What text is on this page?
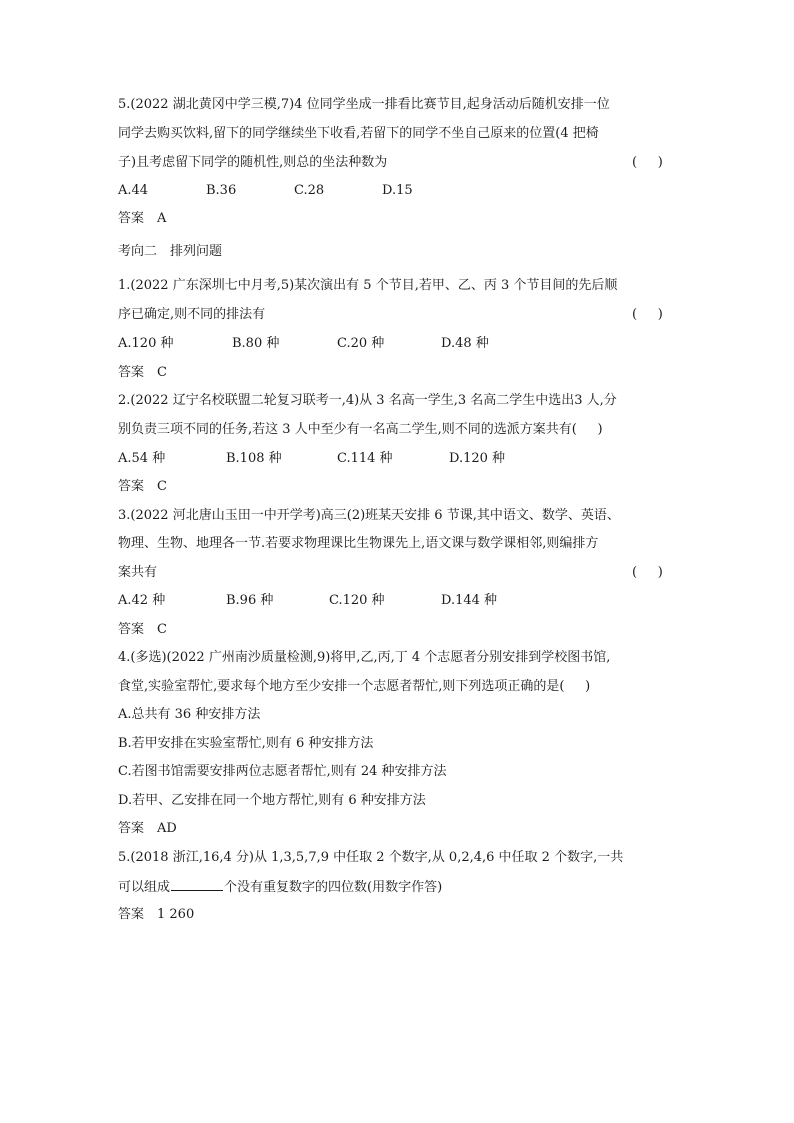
5.(2022 湖北黄冈中学三模,7)4 位同学坐成一排看比赛节目,起身活动后随机安排一位
同学去购买饮料,留下的同学继续坐下收看,若留下的同学不坐自己原来的位置(4 把椅
子)且考虑留下同学的随机性,则总的坐法种数为	(     )
A.44	B.36	C.28	D.15
答案　A
考向二　排列问题
1.(2022 广东深圳七中月考,5)某次演出有 5 个节目,若甲、乙、丙 3 个节目间的先后顺
序已确定,则不同的排法有	(     )
A.120 种	B.80 种	C.20 种	D.48 种
答案　C
2.(2022 辽宁名校联盟二轮复习联考一,4)从 3 名高一学生,3 名高二学生中选出3 人,分
别负责三项不同的任务,若这 3 人中至少有一名高二学生,则不同的选派方案共有(     )
A.54 种	B.108 种	C.114 种	D.120 种
答案　C
3.(2022 河北唐山玉田一中开学考)高三(2)班某天安排 6 节课,其中语文、数学、英语、
物理、生物、地理各一节.若要求物理课比生物课先上,语文课与数学课相邻,则编排方
案共有	(     )
A.42 种	B.96 种	C.120 种	D.144 种
答案　C
4.(多选)(2022 广州南沙质量检测,9)将甲,乙,丙,丁 4 个志愿者分别安排到学校图书馆,
食堂,实验室帮忙,要求每个地方至少安排一个志愿者帮忙,则下列选项正确的是(     )
A.总共有 36 种安排方法
B.若甲安排在实验室帮忙,则有 6 种安排方法
C.若图书馆需要安排两位志愿者帮忙,则有 24 种安排方法
D.若甲、乙安排在同一个地方帮忙,则有 6 种安排方法
答案　AD
5.(2018 浙江,16,4 分)从 1,3,5,7,9 中任取 2 个数字,从 0,2,4,6 中任取 2 个数字,一共
可以组成	个没有重复数字的四位数(用数字作答)
答案　1 260
